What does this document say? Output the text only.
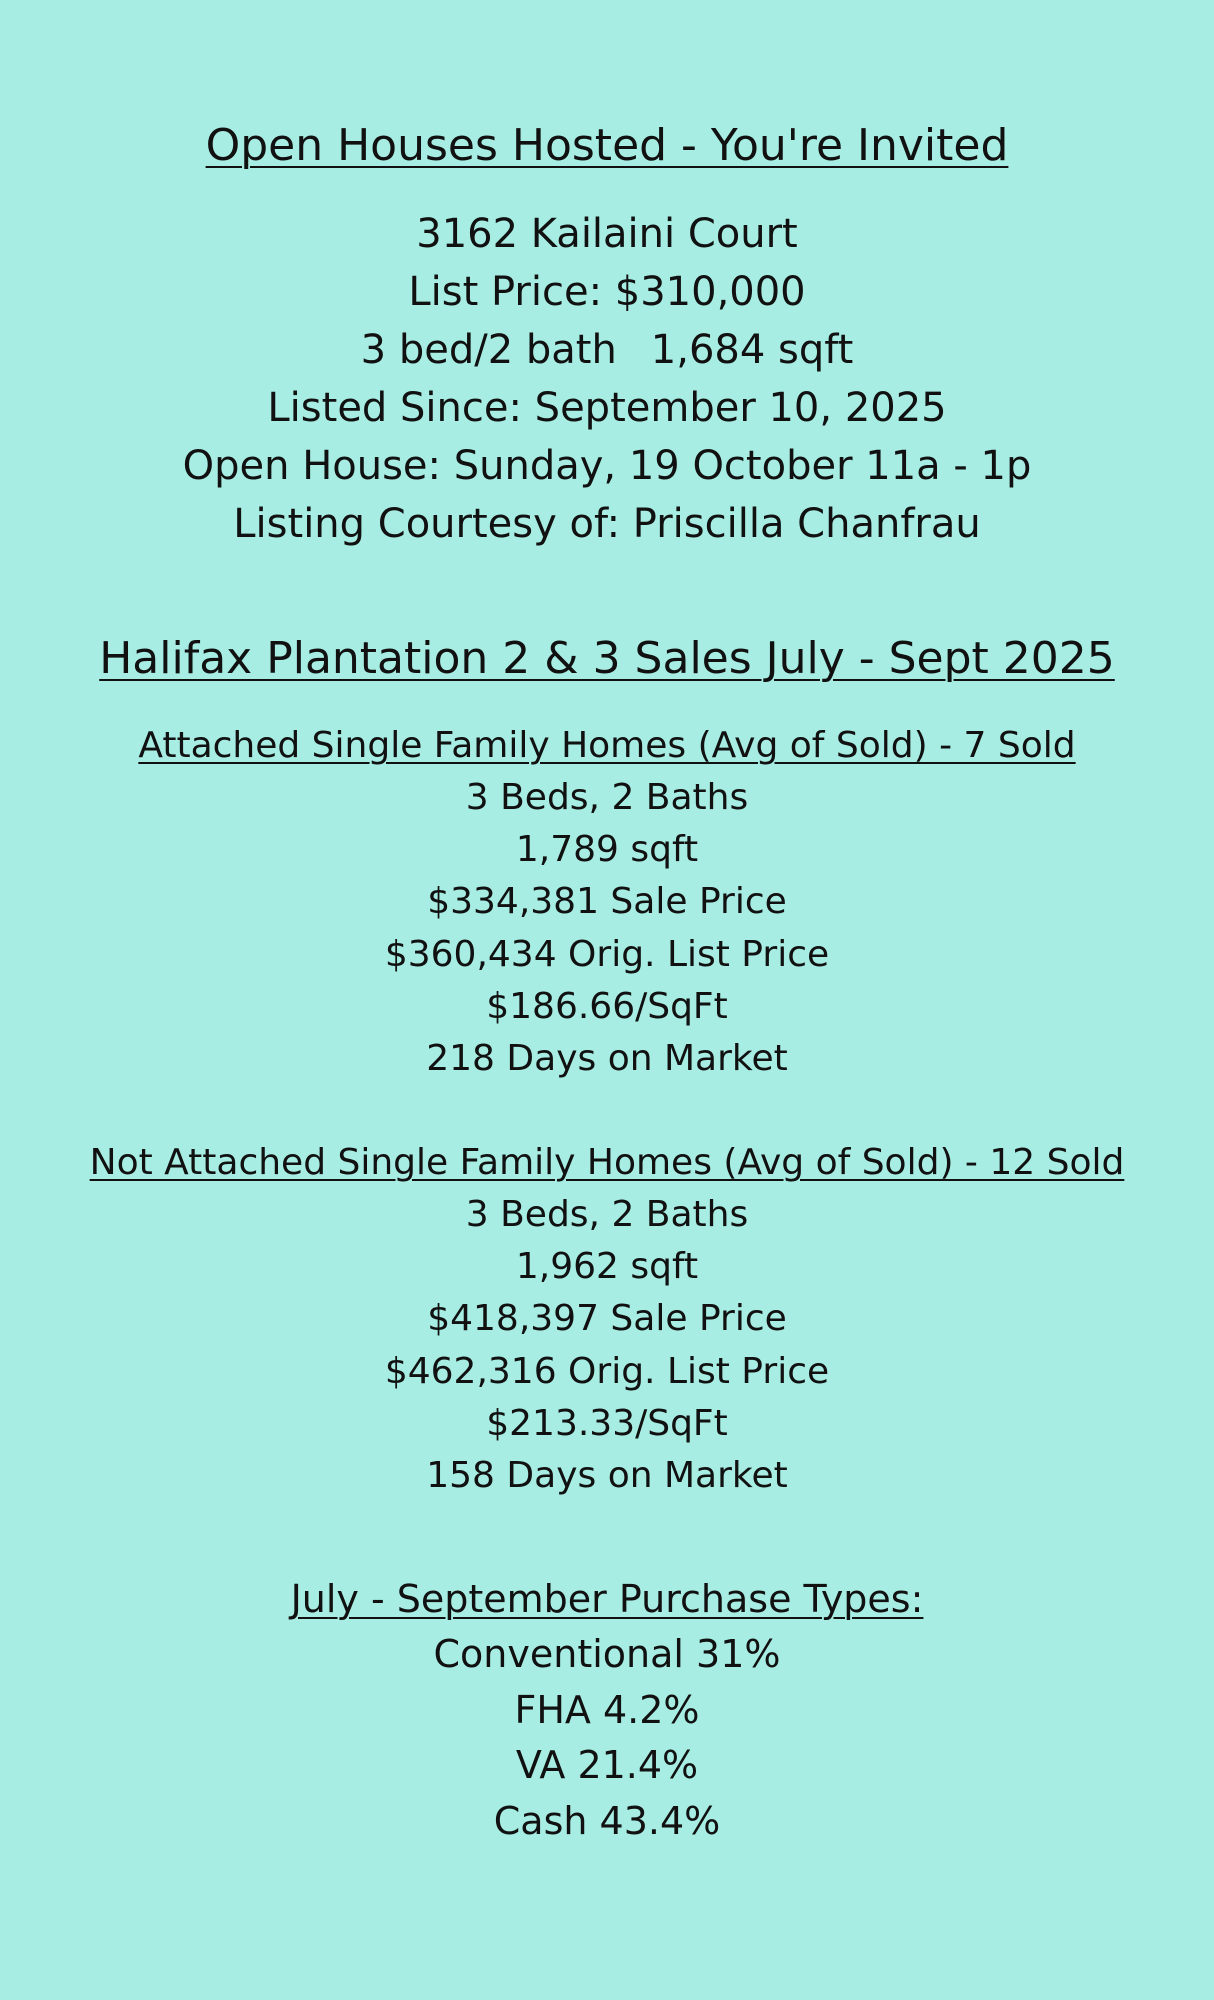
Open Houses Hosted - You're Invited
3162 Kailaini Court
List Price: $310,000
3 bed/2 bath 1,684 sqft
Listed Since: September 10, 2025
Open House: Sunday, 19 October 11a - 1p
Listing Courtesy of: Priscilla Chanfrau
Halifax Plantation 2 & 3 Sales July - Sept 2025
Attached Single Family Homes (Avg of Sold) - 7 Sold
3 Beds, 2 Baths
1,789 sqft
$334,381 Sale Price
$360,434 Orig. List Price
$186.66/SqFt
218 Days on Market
Not Attached Single Family Homes (Avg of Sold) - 12 Sold
3 Beds, 2 Baths
1,962 sqft
$418,397 Sale Price
$462,316 Orig. List Price
$213.33/SqFt
158 Days on Market
July - September Purchase Types:
Conventional 31%
FHA 4.2%
VA 21.4%
Cash 43.4%
